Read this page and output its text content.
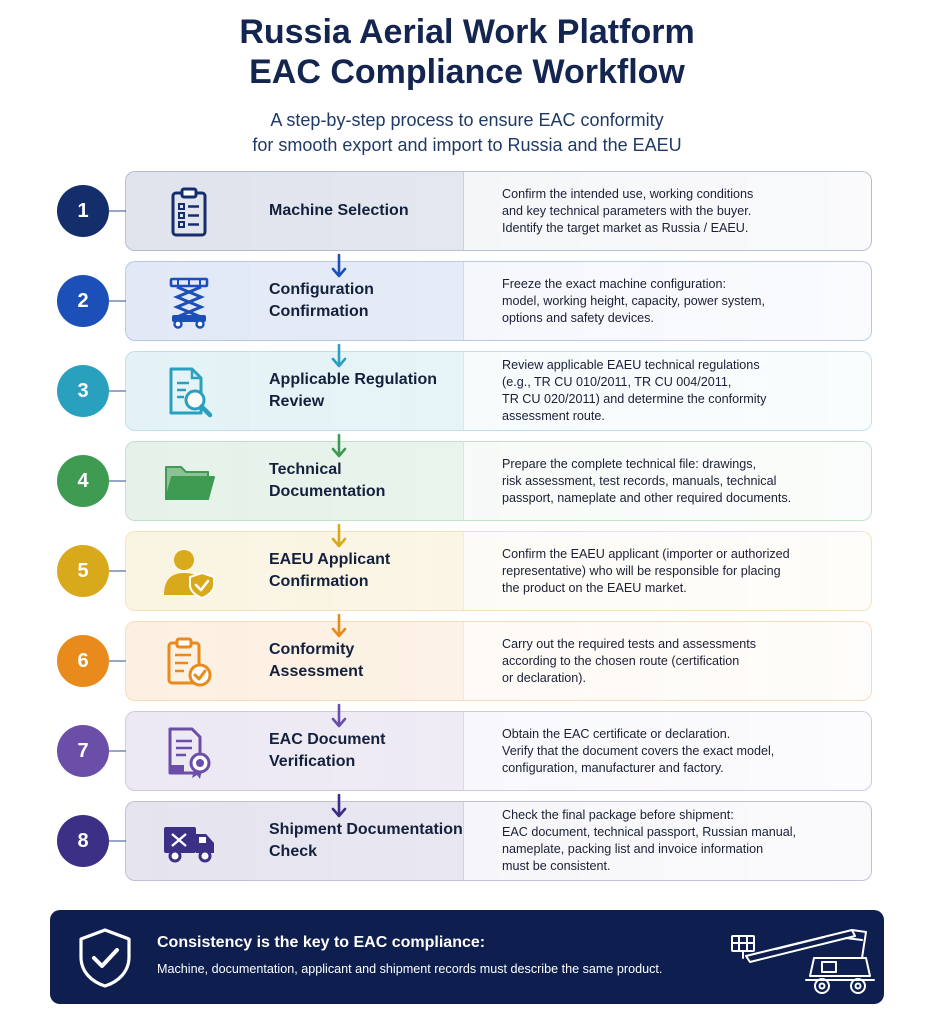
Russia Aerial Work Platform
EAC Compliance Workflow
A step-by-step process to ensure EAC conformity
for smooth export and import to Russia and the EAEU
1	Machine Selection
Confirm the intended use, working conditions
and key technical parameters with the buyer.
Identify the target market as Russia / EAEU.
2	Configuration
Confirmation
Freeze the exact machine configuration:
model, working height, capacity, power system,
options and safety devices.
3	Applicable Regulation
Review
Review applicable EAEU technical regulations
(e.g., TR CU 010/2011, TR CU 004/2011,
TR CU 020/2011) and determine the conformity
assessment route.
4	Technical
Documentation
Prepare the complete technical file: drawings,
risk assessment, test records, manuals, technical
passport, nameplate and other required documents.
5	EAEU Applicant
Confirmation
Confirm the EAEU applicant (importer or authorized
representative) who will be responsible for placing
the product on the EAEU market.
6	Conformity
Assessment
Carry out the required tests and assessments
according to the chosen route (certification
or declaration).
7	EAC Document
Verification
Obtain the EAC certificate or declaration.
Verify that the document covers the exact model,
configuration, manufacturer and factory.
8	Shipment Documentation
Check
Check the final package before shipment:
EAC document, technical passport, Russian manual,
nameplate, packing list and invoice information
must be consistent.
Consistency is the key to EAC compliance:
Machine, documentation, applicant and shipment records must describe the same product.
